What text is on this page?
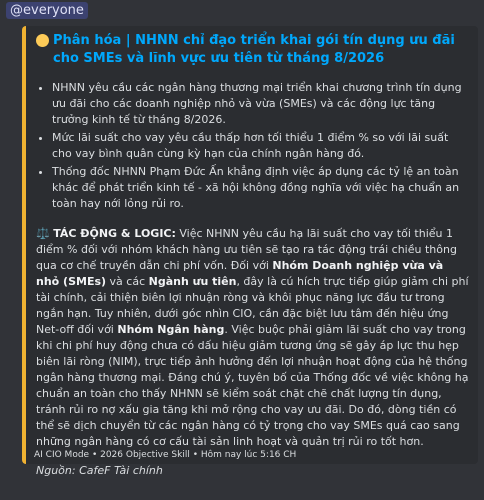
@everyone
Phân hóa | NHNN chỉ đạo triển khai gói tín dụng ưu đãi cho SMEs và lĩnh vực ưu tiên từ tháng 8/2026
• NHNN yêu cầu các ngân hàng thương mại triển khai chương trình tín dụng ưu đãi cho các doanh nghiệp nhỏ và vừa (SMEs) và các động lực tăng trưởng kinh tế từ tháng 8/2026.
• Mức lãi suất cho vay yêu cầu thấp hơn tối thiểu 1 điểm % so với lãi suất cho vay bình quân cùng kỳ hạn của chính ngân hàng đó.
• Thống đốc NHNN Phạm Đức Ấn khẳng định việc áp dụng các tỷ lệ an toàn khác để phát triển kinh tế - xã hội không đồng nghĩa với việc hạ chuẩn an toàn hay nới lỏng rủi ro.
⚖️ TÁC ĐỘNG & LOGIC: Việc NHNN yêu cầu hạ lãi suất cho vay tối thiểu 1 điểm % đối với nhóm khách hàng ưu tiên sẽ tạo ra tác động trái chiều thông qua cơ chế truyền dẫn chi phí vốn. Đối với Nhóm Doanh nghiệp vừa và nhỏ (SMEs) và các Ngành ưu tiên, đây là cú hích trực tiếp giúp giảm chi phí tài chính, cải thiện biên lợi nhuận ròng và khôi phục năng lực đầu tư trong ngắn hạn. Tuy nhiên, dưới góc nhìn CIO, cần đặc biệt lưu tâm đến hiệu ứng Net-off đối với Nhóm Ngân hàng. Việc buộc phải giảm lãi suất cho vay trong khi chi phí huy động chưa có dấu hiệu giảm tương ứng sẽ gây áp lực thu hẹp biên lãi ròng (NIM), trực tiếp ảnh hưởng đến lợi nhuận hoạt động của hệ thống ngân hàng thương mại. Đáng chú ý, tuyên bố của Thống đốc về việc không hạ chuẩn an toàn cho thấy NHNN sẽ kiểm soát chặt chẽ chất lượng tín dụng, tránh rủi ro nợ xấu gia tăng khi mở rộng cho vay ưu đãi. Do đó, dòng tiền có thể sẽ dịch chuyển từ các ngân hàng có tỷ trọng cho vay SMEs quá cao sang những ngân hàng có cơ cấu tài sản linh hoạt và quản trị rủi ro tốt hơn.
Nguồn: CafeF Tài chính
AI CIO Mode • 2026 Objective Skill • Hôm nay lúc 5:16 CH
